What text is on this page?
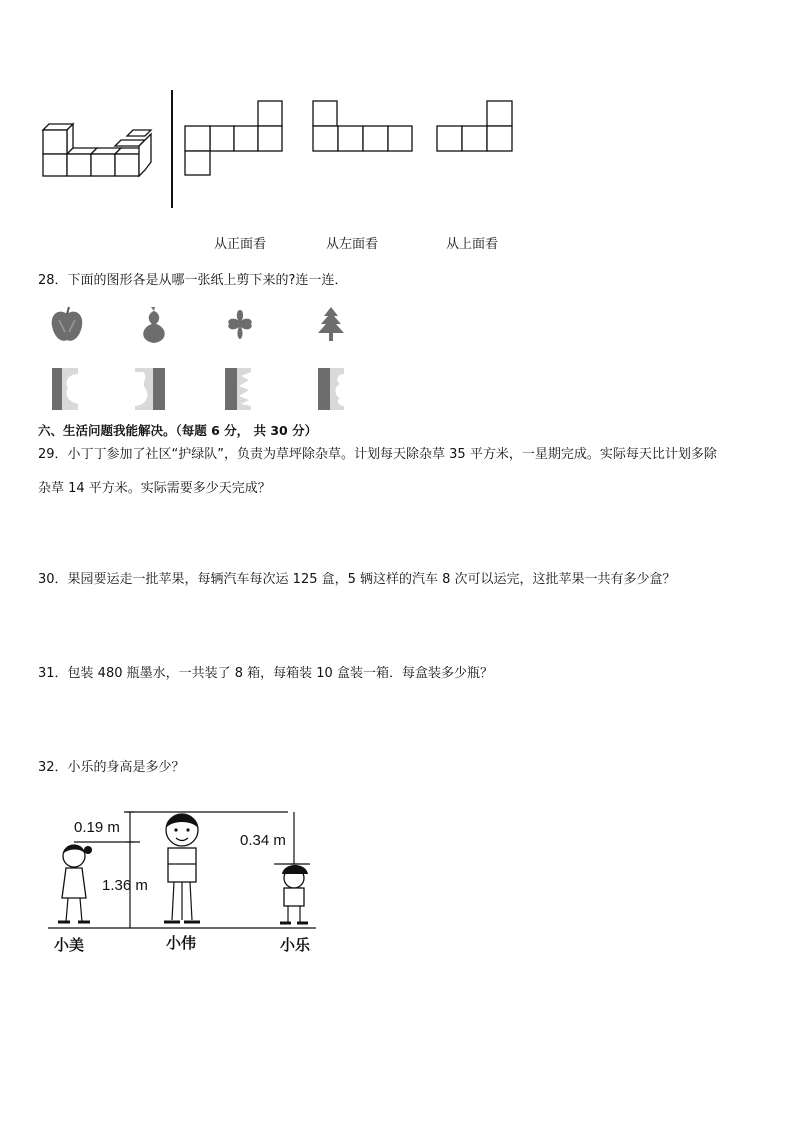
从正面看	从左面看	从上面看
28．下面的图形各是从哪一张纸上剪下来的?连一连．
六、生活问题我能解决。（每题 6 分， 共 30 分）
29．小丁丁参加了社区“护绿队”，负责为草坪除杂草。计划每天除杂草 35 平方米，一星期完成。实际每天比计划多除
杂草 14 平方米。实际需要多少天完成？
30．果园要运走一批苹果，每辆汽车每次运 125 盒，5 辆这样的汽车 8 次可以运完，这批苹果一共有多少盒？
31．包装 480 瓶墨水，一共装了 8 箱，每箱装 10 盒装一箱．每盒装多少瓶？
32．小乐的身高是多少？
0.19 m
1.36 m
0.34 m
小美	小伟	小乐
